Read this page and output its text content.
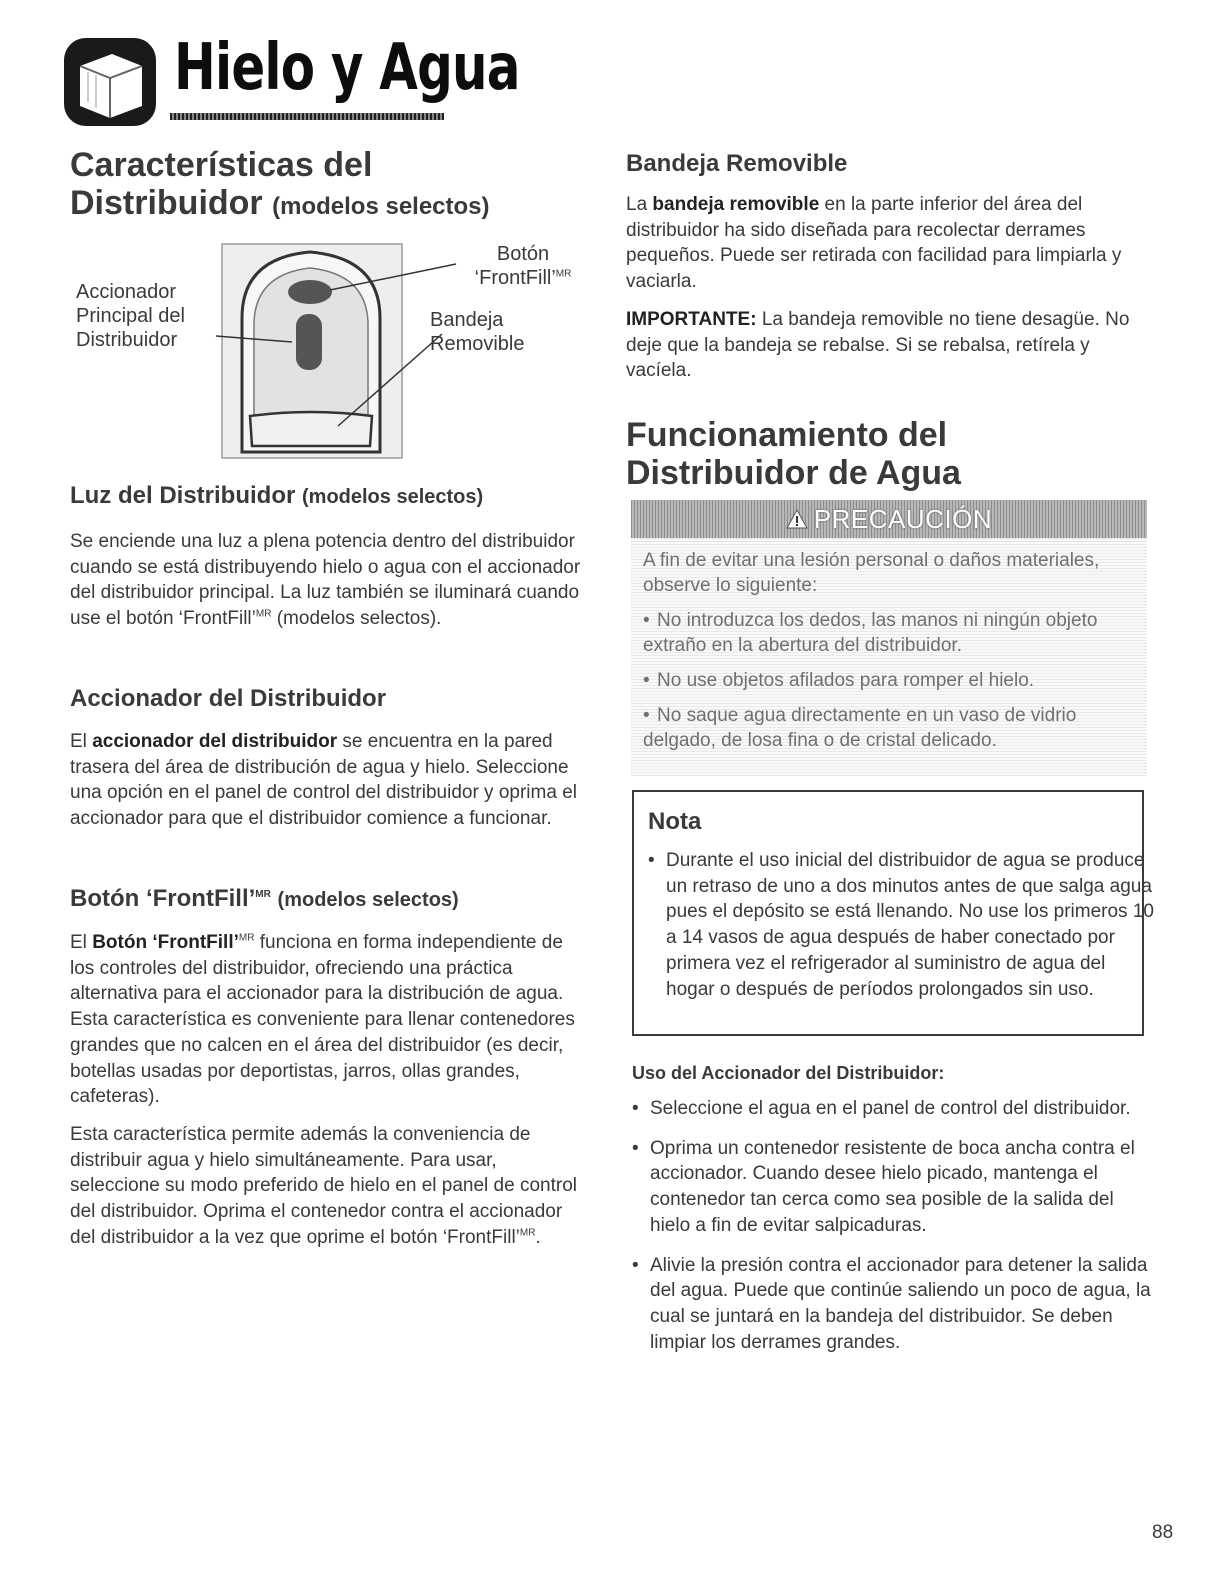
Hielo y Agua
Características del
Distribuidor (modelos selectos)
Accionador
Principal del
Distribuidor
Botón
‘FrontFill’$^{MR}$
Bandeja
Removible
Luz del Distribuidor (modelos selectos)

Se enciende una luz a plena potencia dentro del distribuidor cuando se está distribuyendo hielo o agua con el accionador del distribuidor principal. La luz también se iluminará cuando use el botón ‘FrontFill’$^{MR}$ (modelos selectos).

Accionador del Distribuidor

El accionador del distribuidor se encuentra en la pared trasera del área de distribución de agua y hielo. Seleccione una opción en el panel de control del distribuidor y oprima el accionador para que el distribuidor comience a funcionar.

Botón ‘FrontFill’$^{MR}$ (modelos selectos)

El Botón ‘FrontFill’$^{MR}$ funciona en forma independiente de los controles del distribuidor, ofreciendo una práctica alternativa para el accionador para la distribución de agua. Esta característica es conveniente para llenar contenedores grandes que no calcen en el área del distribuidor (es decir, botellas usadas por deportistas, jarros, ollas grandes, cafeteras).

Esta característica permite además la conveniencia de distribuir agua y hielo simultáneamente. Para usar, seleccione su modo preferido de hielo en el panel de control del distribuidor. Oprima el contenedor contra el accionador del distribuidor a la vez que oprime el botón ‘FrontFill’$^{MR}$.

Bandeja Removible

La bandeja removible en la parte inferior del área del distribuidor ha sido diseñada para recolectar derrames pequeños. Puede ser retirada con facilidad para limpiarla y vaciarla.

IMPORTANTE: La bandeja removible no tiene desagüe. No deje que la bandeja se rebalse. Si se rebalsa, retírela y vacíela.

Funcionamiento del
Distribuidor de Agua
PRECAUCIÓN

A fin de evitar una lesión personal o daños materiales, observe lo siguiente:

• No introduzca los dedos, las manos ni ningún objeto extraño en la abertura del distribuidor.

• No use objetos afilados para romper el hielo.

• No saque agua directamente en un vaso de vidrio delgado, de losa fina o de cristal delicado.

Nota
• Durante el uso inicial del distribuidor de agua se produce un retraso de uno a dos minutos antes de que salga agua pues el depósito se está llenando. No use los primeros 10 a 14 vasos de agua después de haber conectado por primera vez el refrigerador al suministro de agua del hogar o después de períodos prolongados sin uso.

Uso del Accionador del Distribuidor:

• Seleccione el agua en el panel de control del distribuidor.

• Oprima un contenedor resistente de boca ancha contra el accionador. Cuando desee hielo picado, mantenga el contenedor tan cerca como sea posible de la salida del hielo a fin de evitar salpicaduras.

• Alivie la presión contra el accionador para detener la salida del agua. Puede que continúe saliendo un poco de agua, la cual se juntará en la bandeja del distribuidor. Se deben limpiar los derrames grandes.

88
